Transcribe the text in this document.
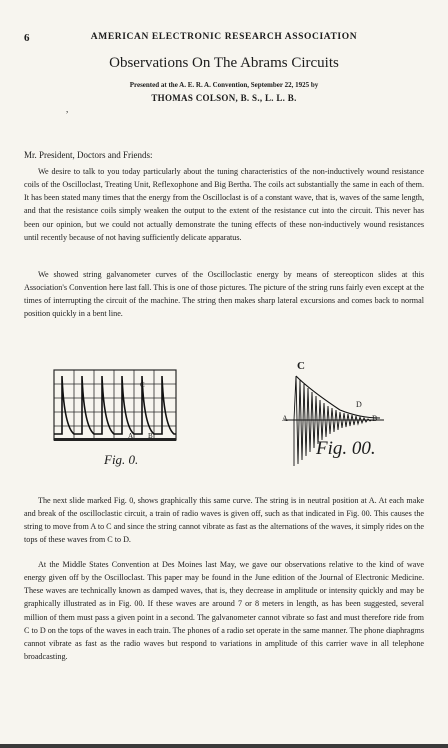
6	AMERICAN ELECTRONIC RESEARCH ASSOCIATION
Observations On The Abrams Circuits
Presented at the A. E. R. A. Convention, September 22, 1925 by
,
THOMAS COLSON, B. S., L. L. B.
Mr. President, Doctors and Friends:

We desire to talk to you today particularly about the tuning characteristics of the non-inductively wound resistance coils of the Oscilloclast, Treating Unit, Reflexophone and Big Bertha. The coils act substantially the same in each of them. It has been stated many times that the energy from the Oscilloclast is of a constant wave, that is, waves of the same length, and that the resistance coils simply weaken the output to the extent of the resistance cut into the circuit. This never has been our opinion, but we could not actually demonstrate the tuning effects of these non-inductively wound resistances until recently because of not having sufficiently delicate apparatus.

We showed string galvanometer curves of the Oscilloclastic energy by means of stereopticon slides at this Association's Convention here last fall. This is one of those pictures. The picture of the string runs fairly even except at the times of interrupting the circuit of the machine. The string then makes sharp lateral excursions and comes back to normal position quickly in a bent line.

C
A B
Fig. 0.
C
A
D
B
Fig. 00.

The next slide marked Fig. 0, shows graphically this same curve. The string is in neutral position at A. At each make and break of the oscilloclastic circuit, a train of radio waves is given off, such as that indicated in Fig. 00. This causes the string to move from A to C and since the string cannot vibrate as fast as the alternations of the waves, it simply rides on the tops of these waves from C to D.

At the Middle States Convention at Des Moines last May, we gave our observations relative to the kind of wave energy given off by the Oscilloclast. This paper may be found in the June edition of the Journal of Electronic Medicine. These waves are technically known as damped waves, that is, they decrease in amplitude or intensity quickly and may be graphically illustrated as in Fig. 00. If these waves are around 7 or 8 meters in length, as has been suggested, several million of them must pass a given point in a second. The galvanometer cannot vibrate so fast and must therefore ride from C to D on the tops of the waves in each train. The phones of a radio set operate in the same manner. The phone diaphragms cannot vibrate as fast as the radio waves but respond to variations in amplitude of this carrier wave in all telephone broadcasting.
